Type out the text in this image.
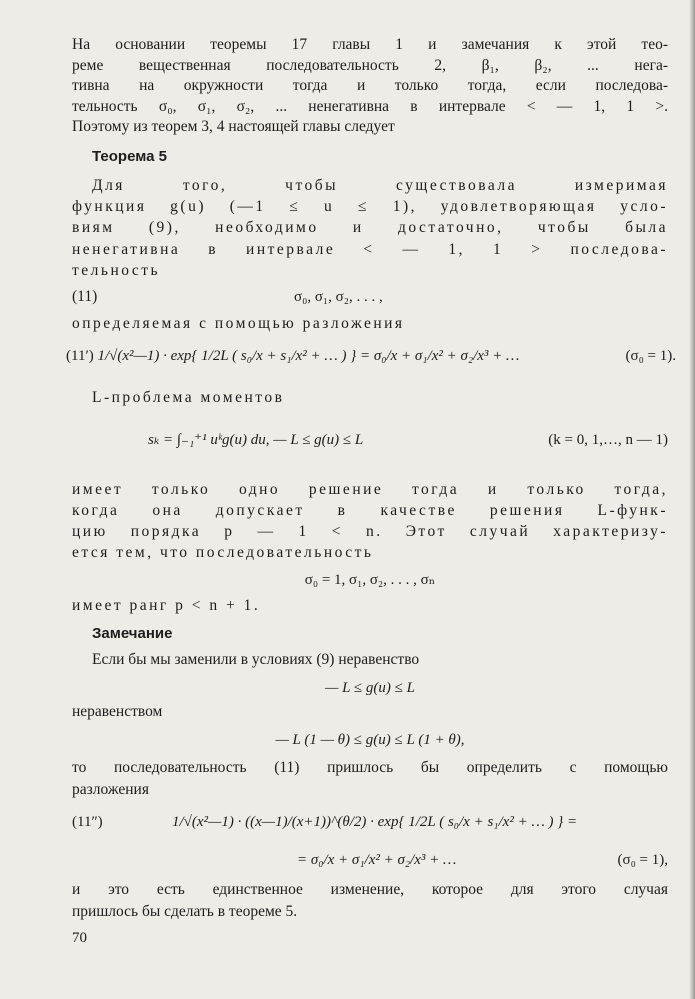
На основании теоремы 17 главы 1 и замечания к этой тео-
реме вещественная последовательность 2, β₁, β₂, ... нега-
тивна на окружности тогда и только тогда, если последова-
тельность σ₀, σ₁, σ₂, ... ненегативна в интервале < — 1, 1 >.
Поэтому из теорем 3, 4 настоящей главы следует
Теорема 5
Для того, чтобы существовала измеримая
функция g(u) (—1 ≤ u ≤ 1), удовлетворяющая усло-
виям (9), необходимо и достаточно, чтобы была
ненегативна в интервале < — 1, 1 > последова-
тельность
(11)	σ₀, σ₁, σ₂, . . . ,
определяемая с помощью разложения
(11′) 1/√(x²—1) · exp{ 1/2L ( s₀/x + s₁/x² + … ) } = σ₀/x + σ₁/x² + σ₂/x³ + …	(σ₀ = 1).
L-проблема моментов
sₖ = ∫₋₁⁺¹ uᵏg(u) du, — L ≤ g(u) ≤ L	(k = 0, 1,…, n — 1)
имеет только одно решение тогда и только тогда,
когда она допускает в качестве решения L-функ-
цию порядка p — 1 < n. Этот случай характеризу-
ется тем, что последовательность
σ₀ = 1, σ₁, σ₂, . . . , σₙ
имеет ранг p < n + 1.
Замечание
Если бы мы заменили в условиях (9) неравенство
— L ≤ g(u) ≤ L
неравенством
— L (1 — θ) ≤ g(u) ≤ L (1 + θ),
то последовательность (11) пришлось бы определить с помощью
разложения
(11″)	1/√(x²—1) · ((x—1)/(x+1))^(θ/2) · exp{ 1/2L ( s₀/x + s₁/x² + … ) } =
= σ₀/x + σ₁/x² + σ₂/x³ + …	(σ₀ = 1),
и это есть единственное изменение, которое для этого случая
пришлось бы сделать в теореме 5.
70
